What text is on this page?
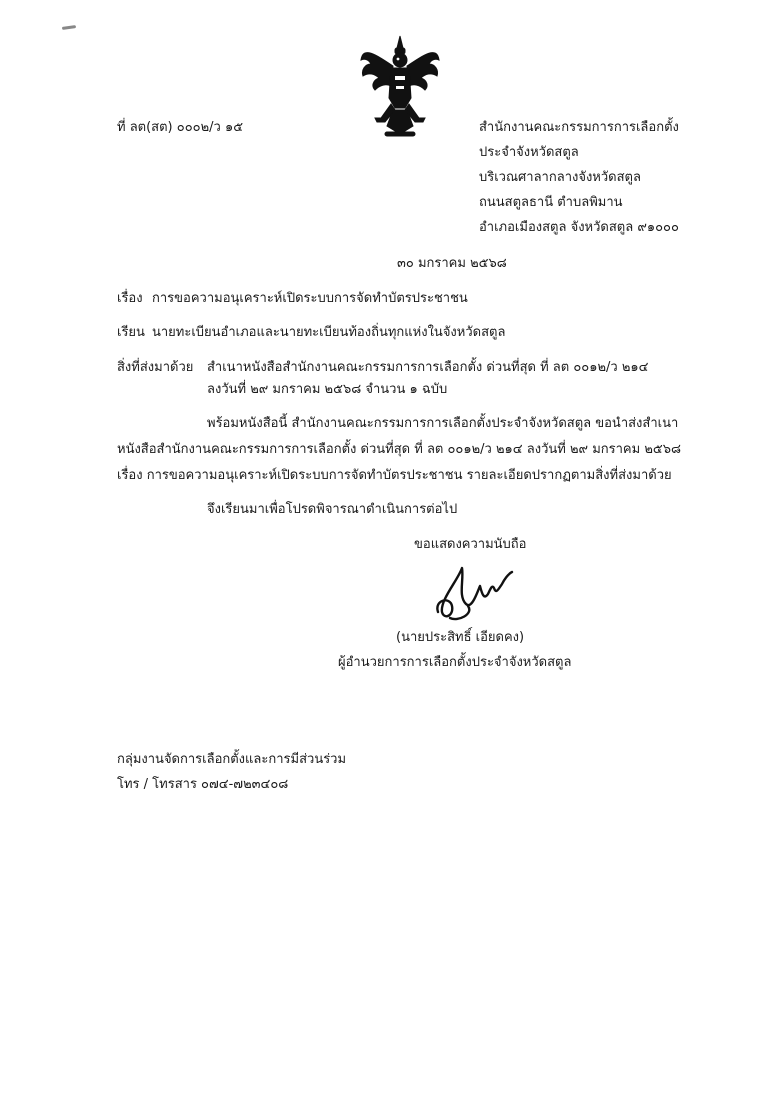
ที่ ลต(สต) ๐๐๐๒/ว ๑๕	สำนักงานคณะกรรมการการเลือกตั้ง
ประจำจังหวัดสตูล
บริเวณศาลากลางจังหวัดสตูล
ถนนสตูลธานี ตำบลพิมาน
อำเภอเมืองสตูล จังหวัดสตูล ๙๑๐๐๐
๓๐ มกราคม ๒๕๖๘
เรื่อง การขอความอนุเคราะห์เปิดระบบการจัดทำบัตรประชาชน
เรียน นายทะเบียนอำเภอและนายทะเบียนท้องถิ่นทุกแห่งในจังหวัดสตูล
สิ่งที่ส่งมาด้วย สำเนาหนังสือสำนักงานคณะกรรมการการเลือกตั้ง ด่วนที่สุด ที่ ลต ๐๐๑๒/ว ๒๑๔
ลงวันที่ ๒๙ มกราคม ๒๕๖๘ จำนวน ๑ ฉบับ
พร้อมหนังสือนี้ สำนักงานคณะกรรมการการเลือกตั้งประจำจังหวัดสตูล ขอนำส่งสำเนา
หนังสือสำนักงานคณะกรรมการการเลือกตั้ง ด่วนที่สุด ที่ ลต ๐๐๑๒/ว ๒๑๔ ลงวันที่ ๒๙ มกราคม ๒๕๖๘
เรื่อง การขอความอนุเคราะห์เปิดระบบการจัดทำบัตรประชาชน รายละเอียดปรากฏตามสิ่งที่ส่งมาด้วย
จึงเรียนมาเพื่อโปรดพิจารณาดำเนินการต่อไป
ขอแสดงความนับถือ
(นายประสิทธิ์ เอียดคง)
ผู้อำนวยการการเลือกตั้งประจำจังหวัดสตูล
กลุ่มงานจัดการเลือกตั้งและการมีส่วนร่วม
โทร / โทรสาร ๐๗๔-๗๒๓๔๐๘
